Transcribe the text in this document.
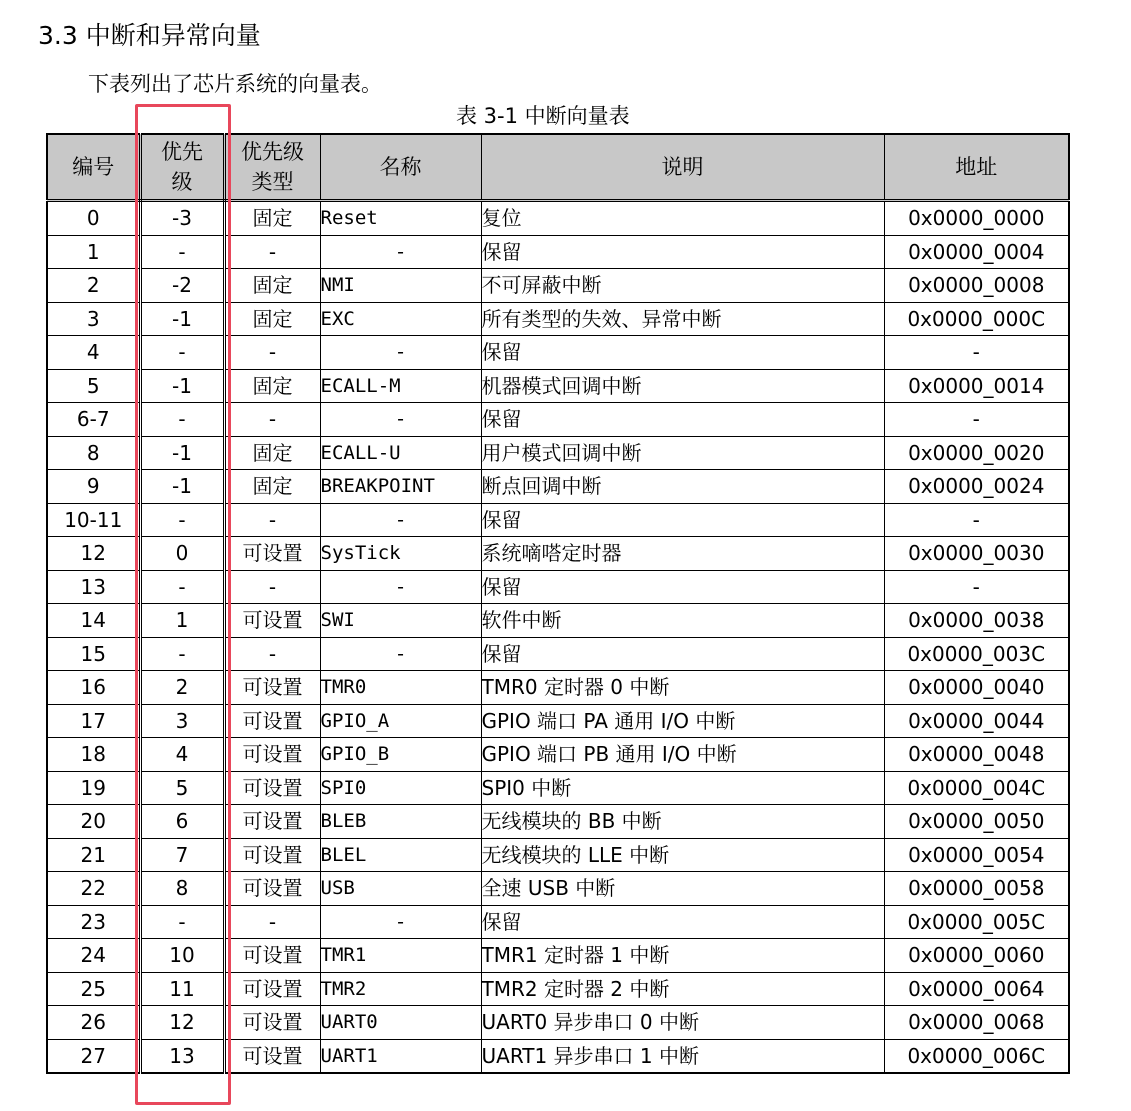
3.3 中断和异常向量
下表列出了芯片系统的向量表。
表 3-1 中断向量表
编号	优先级	优先级类型	名称	说明	地址
0	-3	固定	Reset	复位	0x0000_0000
1	-	-	-	保留	0x0000_0004
2	-2	固定	NMI	不可屏蔽中断	0x0000_0008
3	-1	固定	EXC	所有类型的失效、异常中断	0x0000_000C
4	-	-	-	保留	-
5	-1	固定	ECALL-M	机器模式回调中断	0x0000_0014
6-7	-	-	-	保留	-
8	-1	固定	ECALL-U	用户模式回调中断	0x0000_0020
9	-1	固定	BREAKPOINT	断点回调中断	0x0000_0024
10-11	-	-	-	保留	-
12	0	可设置	SysTick	系统嘀嗒定时器	0x0000_0030
13	-	-	-	保留	-
14	1	可设置	SWI	软件中断	0x0000_0038
15	-	-	-	保留	0x0000_003C
16	2	可设置	TMR0	TMR0 定时器 0 中断	0x0000_0040
17	3	可设置	GPIO_A	GPIO 端口 PA 通用 I/O 中断	0x0000_0044
18	4	可设置	GPIO_B	GPIO 端口 PB 通用 I/O 中断	0x0000_0048
19	5	可设置	SPI0	SPI0 中断	0x0000_004C
20	6	可设置	BLEB	无线模块的 BB 中断	0x0000_0050
21	7	可设置	BLEL	无线模块的 LLE 中断	0x0000_0054
22	8	可设置	USB	全速 USB 中断	0x0000_0058
23	-	-	-	保留	0x0000_005C
24	10	可设置	TMR1	TMR1 定时器 1 中断	0x0000_0060
25	11	可设置	TMR2	TMR2 定时器 2 中断	0x0000_0064
26	12	可设置	UART0	UART0 异步串口 0 中断	0x0000_0068
27	13	可设置	UART1	UART1 异步串口 1 中断	0x0000_006C
